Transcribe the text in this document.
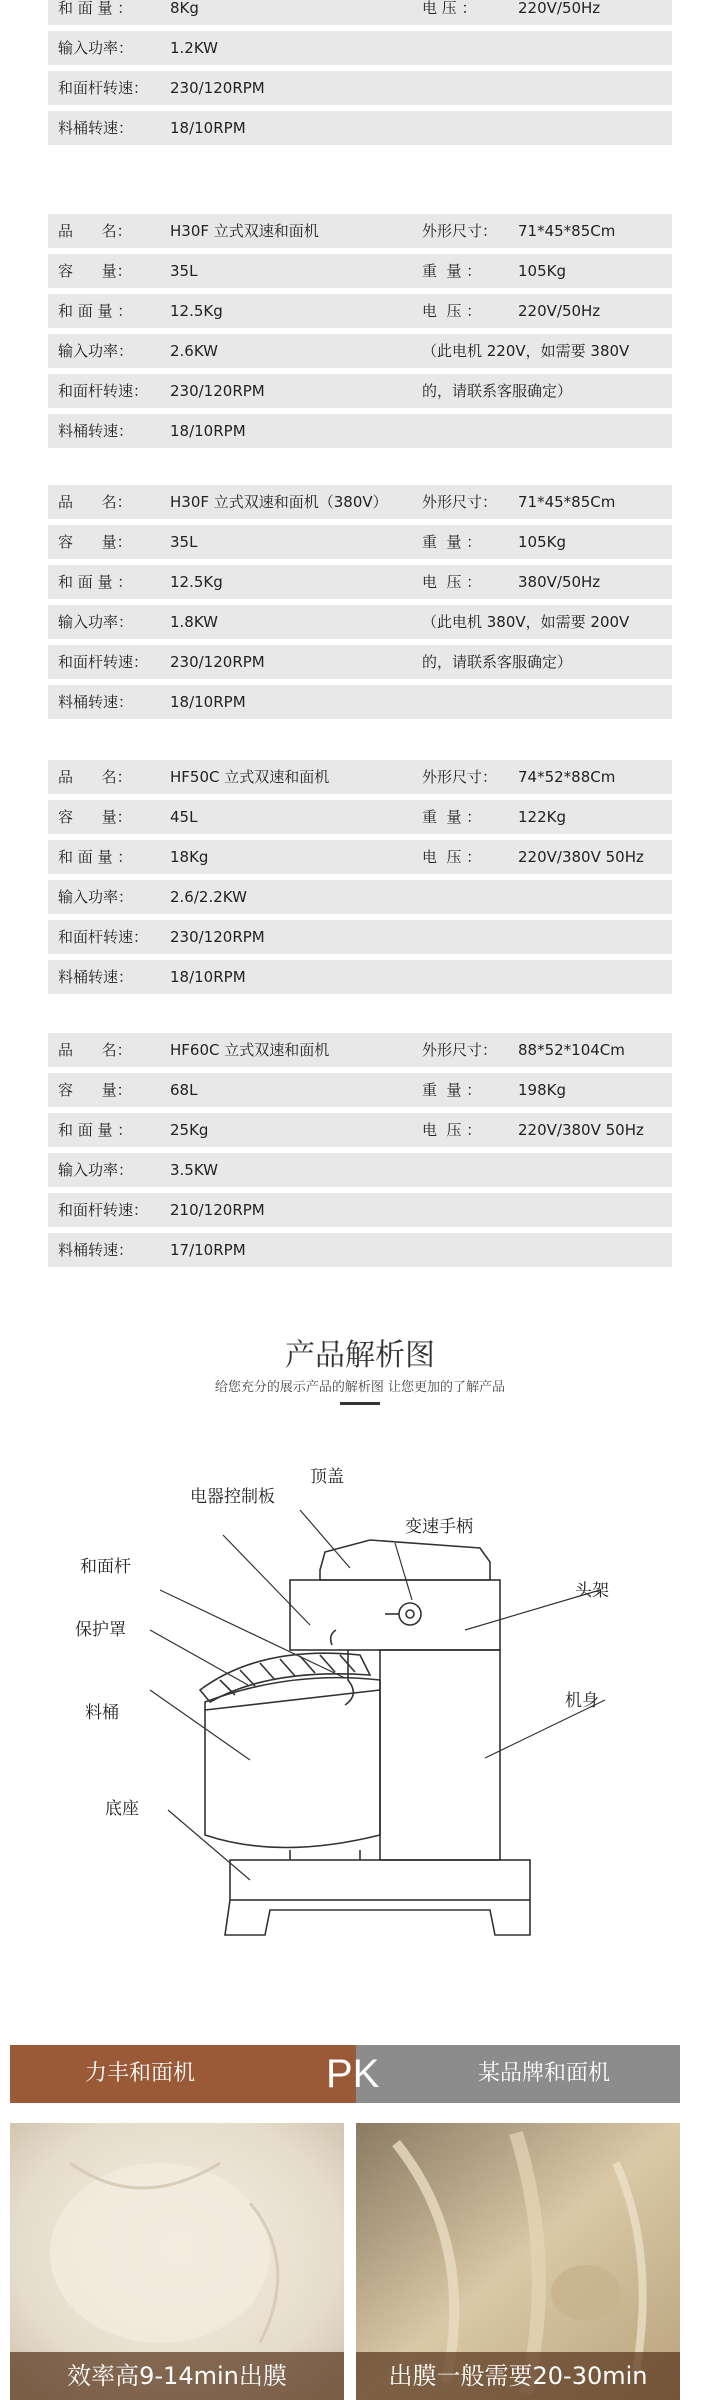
和 面 量 ：	8Kg	电 压 ：	220V/50Hz
输入功率： 1.2KW
和面杆转速： 230/120RPM
料桶转速： 18/10RPM
品      名：	H30F 立式双速和面机	外形尺寸： 71*45*85Cm
容      量：	35L	重  量 ： 105Kg
和 面 量 ：	12.5Kg	电  压 ： 220V/50Hz
输入功率： 2.6KW	（此电机 220V，如需要 380V
和面杆转速： 230/120RPM	的，请联系客服确定）
料桶转速： 18/10RPM
品      名：	H30F 立式双速和面机（380V） 外形尺寸： 71*45*85Cm
容      量：	35L	重  量 ： 105Kg
和 面 量 ：	12.5Kg	电  压 ： 380V/50Hz
输入功率： 1.8KW	（此电机 380V，如需要 200V
和面杆转速： 230/120RPM	的，请联系客服确定）
料桶转速： 18/10RPM
品      名：	HF50C 立式双速和面机	外形尺寸： 74*52*88Cm
容      量：	45L	重  量 ： 122Kg
和 面 量 ：	18Kg	电  压 ： 220V/380V 50Hz
输入功率： 2.6/2.2KW
和面杆转速： 230/120RPM
料桶转速： 18/10RPM
品      名：	HF60C 立式双速和面机	外形尺寸： 88*52*104Cm
容      量：	68L	重  量 ： 198Kg
和 面 量 ：	25Kg	电  压 ： 220V/380V 50Hz
输入功率： 3.5KW
和面杆转速： 210/120RPM
料桶转速： 17/10RPM
产品解析图
给您充分的展示产品的解析图 让您更加的了解产品
电器控制板
顶盖
变速手柄
和面杆
头架
保护罩
机身
料桶
底座
力丰和面机	PK	某品牌和面机
效率高9-14min出膜	出膜一般需要20-30min
